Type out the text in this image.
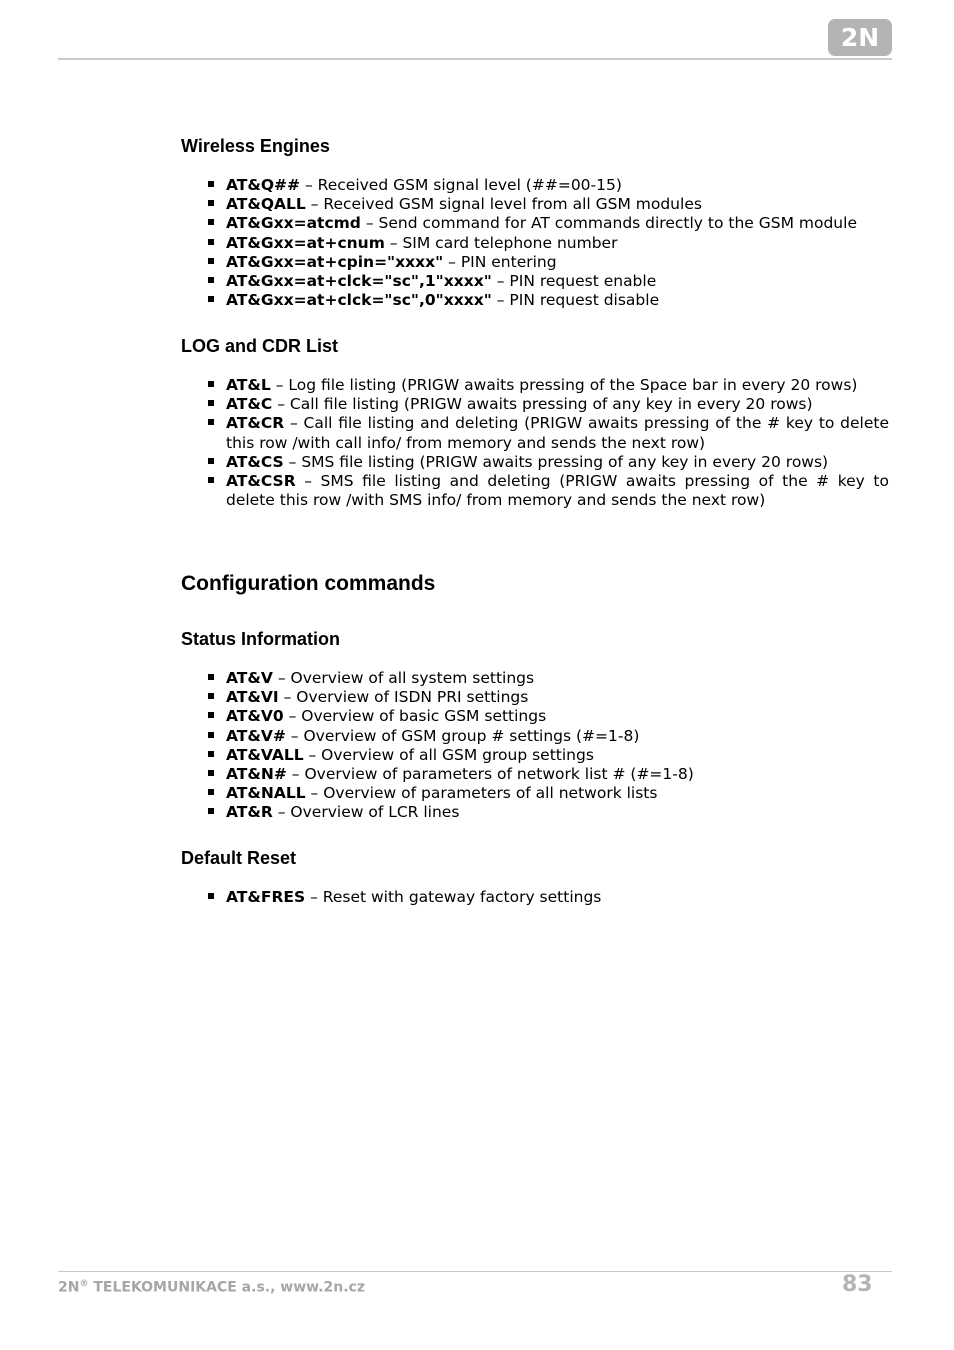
2N
Wireless Engines
AT&Q## – Received GSM signal level (##=00-15)
AT&QALL – Received GSM signal level from all GSM modules
AT&Gxx=atcmd – Send command for AT commands directly to the GSM module
AT&Gxx=at+cnum – SIM card telephone number
AT&Gxx=at+cpin="xxxx" – PIN entering
AT&Gxx=at+clck="sc",1"xxxx" – PIN request enable
AT&Gxx=at+clck="sc",0"xxxx" – PIN request disable
LOG and CDR List
AT&L – Log file listing (PRIGW awaits pressing of the Space bar in every 20 rows)
AT&C – Call file listing (PRIGW awaits pressing of any key in every 20 rows)
AT&CR – Call file listing and deleting (PRIGW awaits pressing of the # key to delete this row /with call info/ from memory and sends the next row)
AT&CS – SMS file listing (PRIGW awaits pressing of any key in every 20 rows)
AT&CSR – SMS file listing and deleting (PRIGW awaits pressing of the # key to delete this row /with SMS info/ from memory and sends the next row)
Configuration commands
Status Information
AT&V – Overview of all system settings
AT&VI – Overview of ISDN PRI settings
AT&V0 – Overview of basic GSM settings
AT&V# – Overview of GSM group # settings (#=1-8)
AT&VALL – Overview of all GSM group settings
AT&N# – Overview of parameters of network list # (#=1-8)
AT&NALL – Overview of parameters of all network lists
AT&R – Overview of LCR lines
Default Reset
AT&FRES – Reset with gateway factory settings
2N® TELEKOMUNIKACE a.s., www.2n.cz	83
